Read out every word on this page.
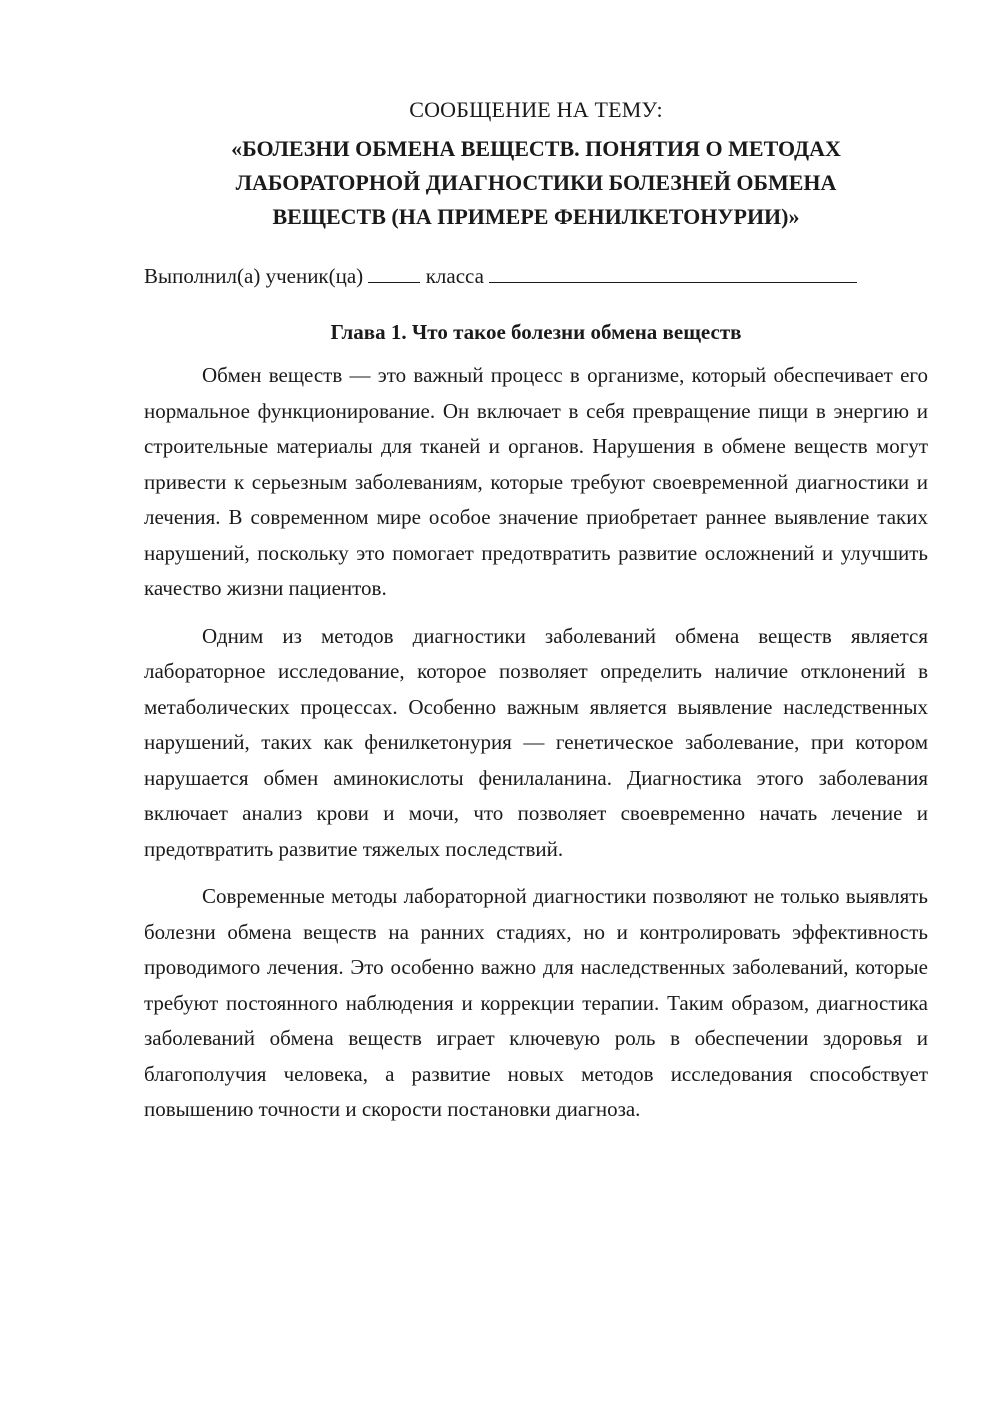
СООБЩЕНИЕ НА ТЕМУ:

«БОЛЕЗНИ ОБМЕНА ВЕЩЕСТВ. ПОНЯТИЯ О МЕТОДАХ ЛАБОРАТОРНОЙ ДИАГНОСТИКИ БОЛЕЗНЕЙ ОБМЕНА ВЕЩЕСТВ (НА ПРИМЕРЕ ФЕНИЛКЕТОНУРИИ)»

Выполнил(а) ученик(ца)	класса

Глава 1. Что такое болезни обмена веществ

Обмен веществ — это важный процесс в организме, который обеспечивает его нормальное функционирование. Он включает в себя превращение пищи в энергию и строительные материалы для тканей и органов. Нарушения в обмене веществ могут привести к серьезным заболеваниям, которые требуют своевременной диагностики и лечения. В современном мире особое значение приобретает раннее выявление таких нарушений, поскольку это помогает предотвратить развитие осложнений и улучшить качество жизни пациентов.

Одним из методов диагностики заболеваний обмена веществ является лабораторное исследование, которое позволяет определить наличие отклонений в метаболических процессах. Особенно важным является выявление наследственных нарушений, таких как фенилкетонурия — генетическое заболевание, при котором нарушается обмен аминокислоты фенилаланина. Диагностика этого заболевания включает анализ крови и мочи, что позволяет своевременно начать лечение и предотвратить развитие тяжелых последствий.

Современные методы лабораторной диагностики позволяют не только выявлять болезни обмена веществ на ранних стадиях, но и контролировать эффективность проводимого лечения. Это особенно важно для наследственных заболеваний, которые требуют постоянного наблюдения и коррекции терапии. Таким образом, диагностика заболеваний обмена веществ играет ключевую роль в обеспечении здоровья и благополучия человека, а развитие новых методов исследования способствует повышению точности и скорости постановки диагноза.
